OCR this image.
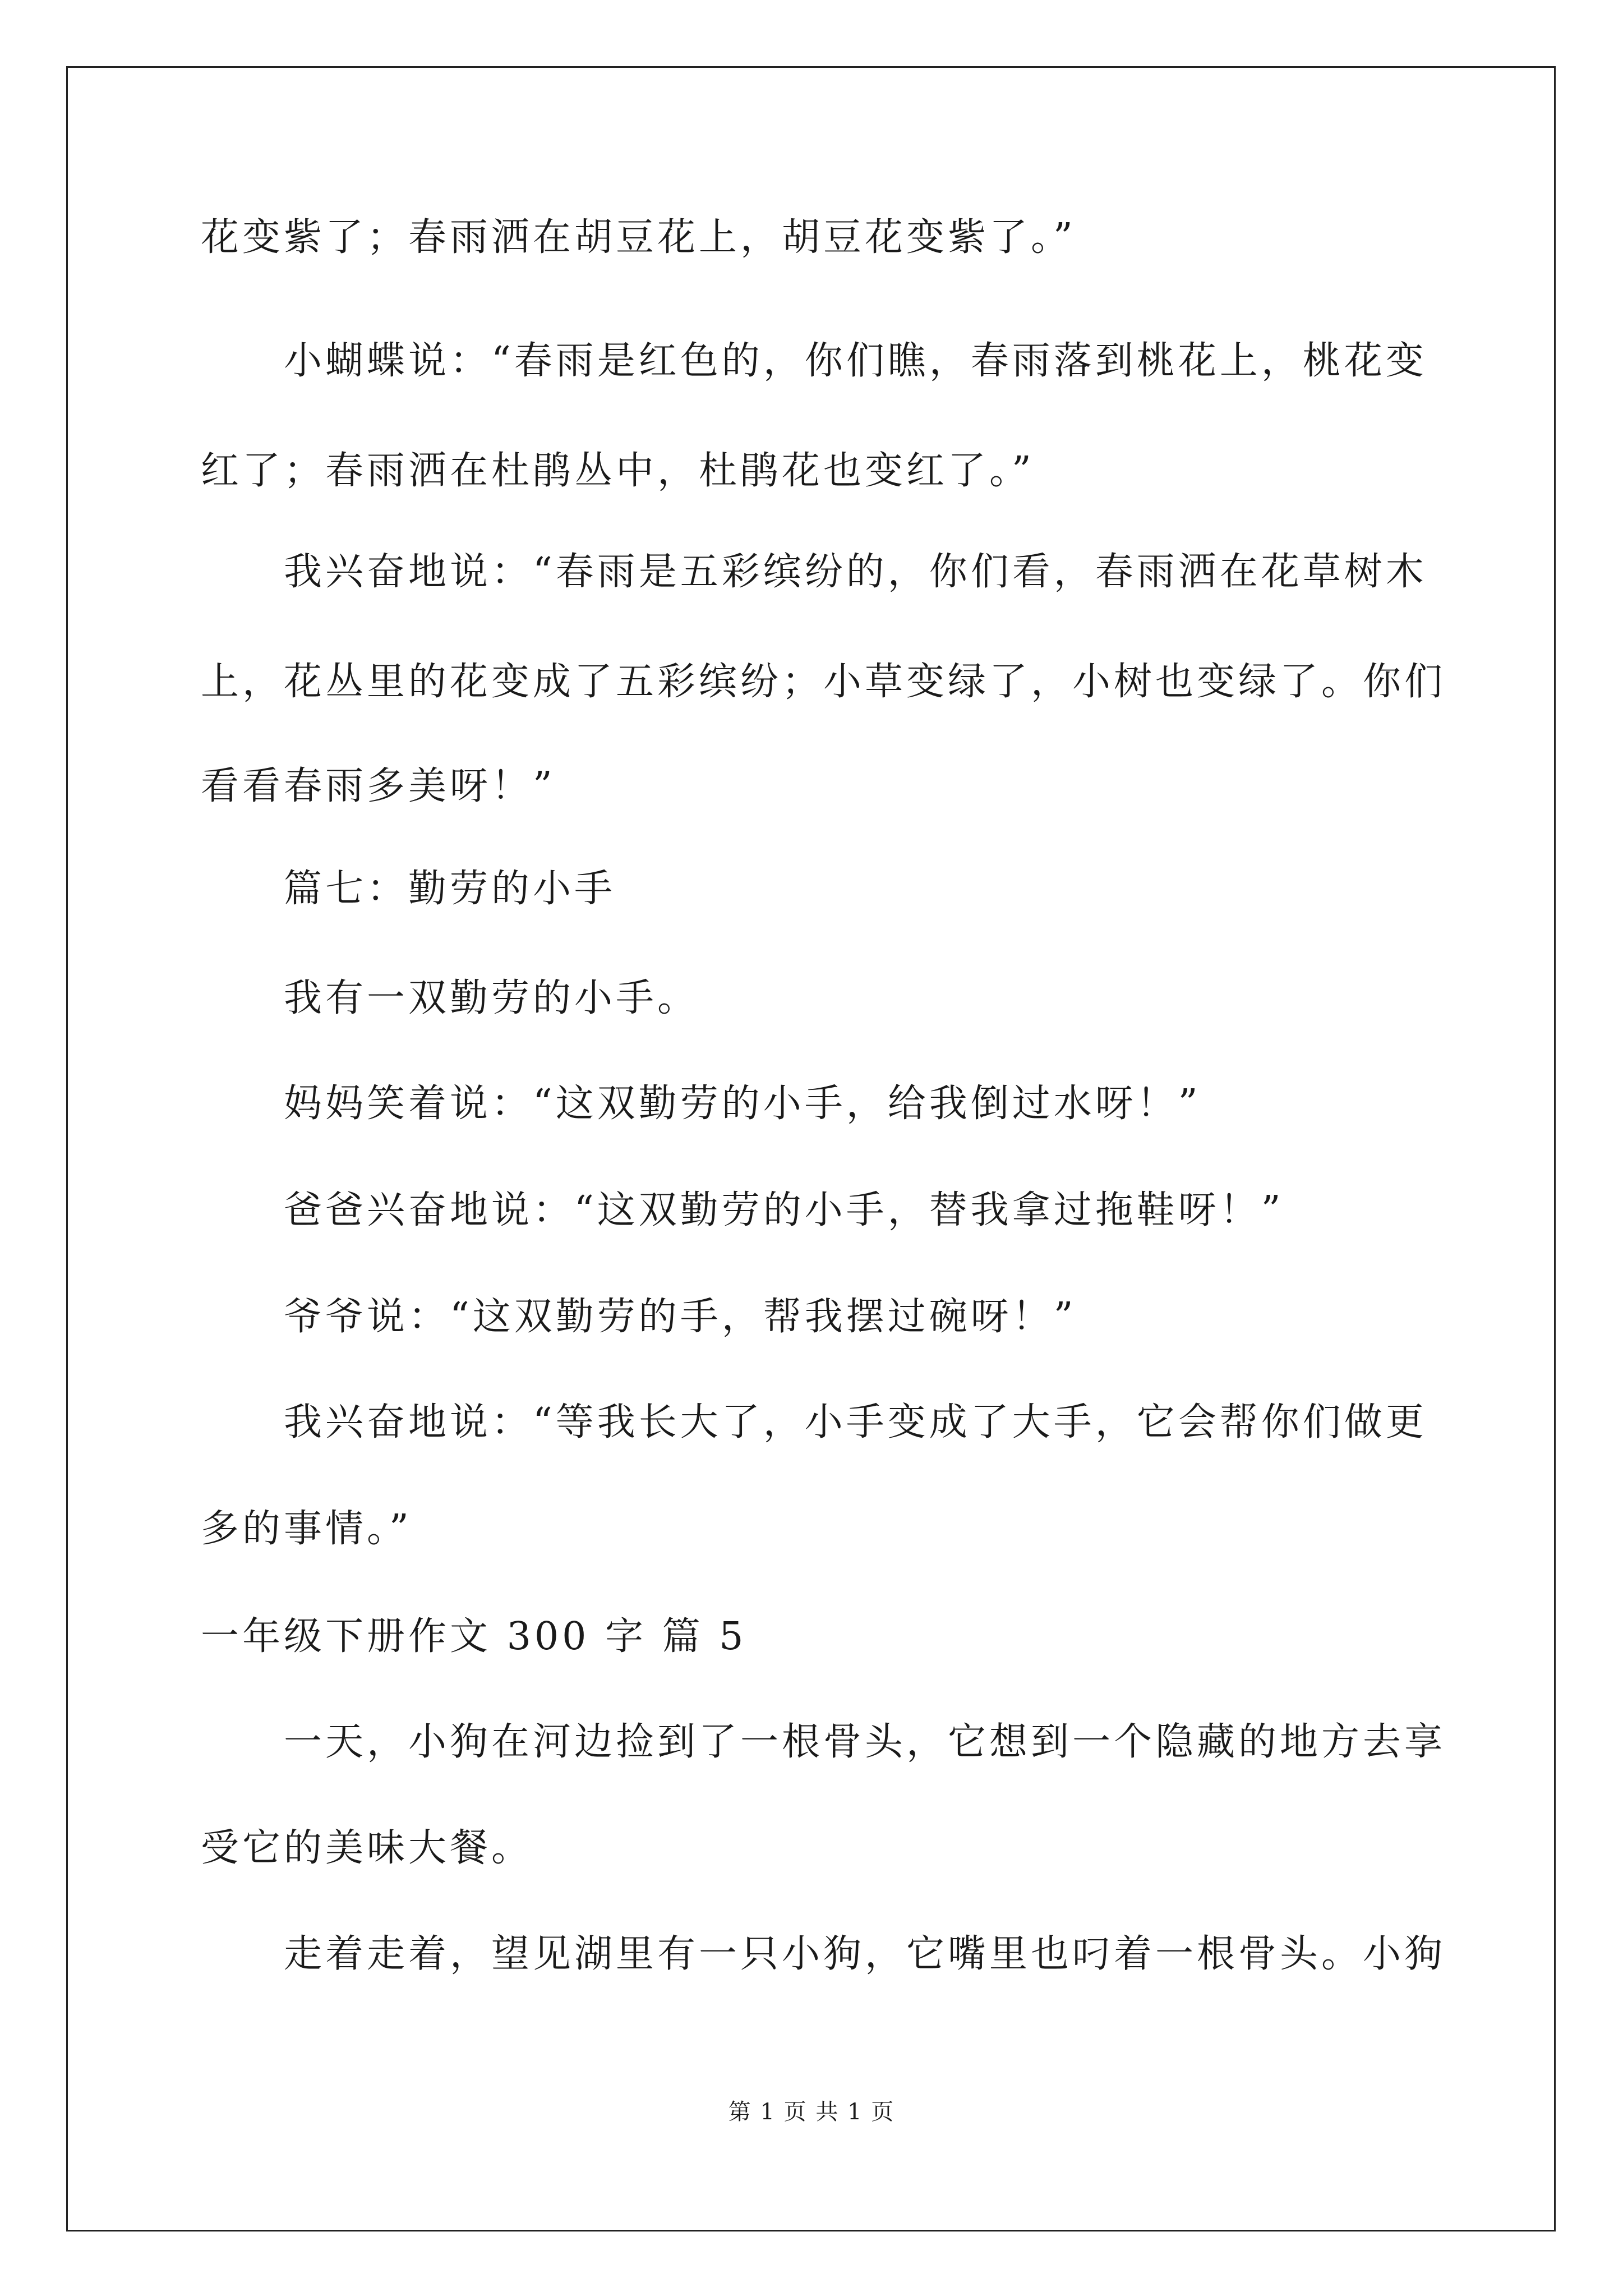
花变紫了；春雨洒在胡豆花上，胡豆花变紫了。”
小蝴蝶说：“春雨是红色的，你们瞧，春雨落到桃花上，桃花变
红了；春雨洒在杜鹃丛中，杜鹃花也变红了。”
我兴奋地说：“春雨是五彩缤纷的，你们看，春雨洒在花草树木
上，花丛里的花变成了五彩缤纷；小草变绿了，小树也变绿了。你们
看看春雨多美呀！”
篇七：勤劳的小手
我有一双勤劳的小手。
妈妈笑着说：“这双勤劳的小手，给我倒过水呀！”
爸爸兴奋地说：“这双勤劳的小手，替我拿过拖鞋呀！”
爷爷说：“这双勤劳的手，帮我摆过碗呀！”
我兴奋地说：“等我长大了，小手变成了大手，它会帮你们做更
多的事情。”
一年级下册作文 300 字 篇 5
一天，小狗在河边捡到了一根骨头，它想到一个隐藏的地方去享
受它的美味大餐。
走着走着，望见湖里有一只小狗，它嘴里也叼着一根骨头。小狗
第 1 页 共 1 页
